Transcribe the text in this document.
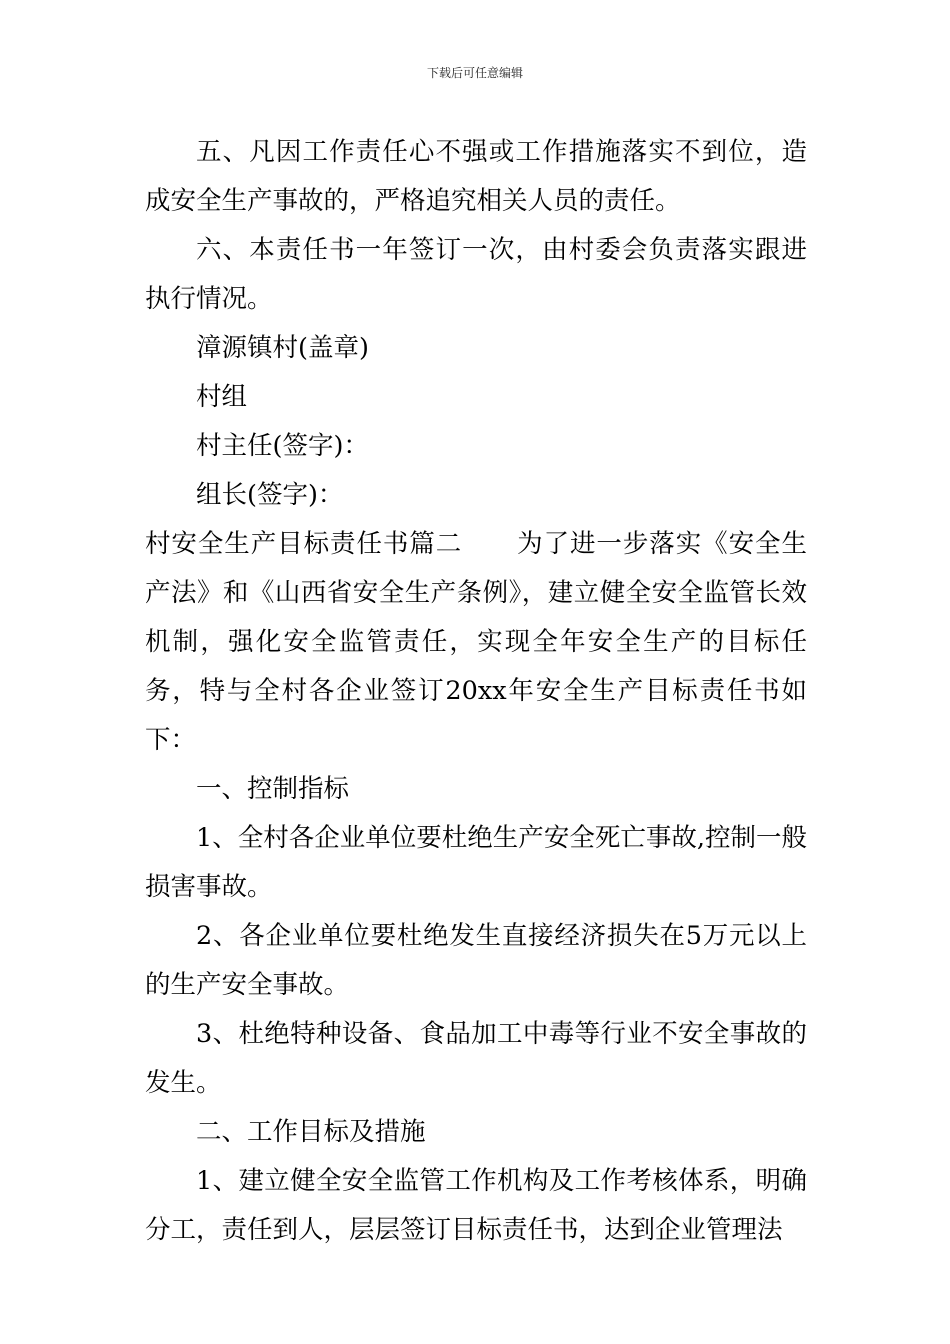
下载后可任意编辑

五、凡因工作责任心不强或工作措施落实不到位，造成安全生产事故的，严格追究相关人员的责任。

六、本责任书一年签订一次，由村委会负责落实跟进执行情况。

漳源镇村(盖章)

村组

村主任(签字)：

组长(签字)：

村安全生产目标责任书篇二 为了进一步落实《安全生产法》和《山西省安全生产条例》，建立健全安全监管长效机制，强化安全监管责任，实现全年安全生产的目标任务，特与全村各企业签订20xx年安全生产目标责任书如下：

一、控制指标

1、全村各企业单位要杜绝生产安全死亡事故,控制一般损害事故。

2、各企业单位要杜绝发生直接经济损失在5万元以上的生产安全事故。

3、杜绝特种设备、食品加工中毒等行业不安全事故的发生。

二、工作目标及措施

1、建立健全安全监管工作机构及工作考核体系，明确分工，责任到人，层层签订目标责任书，达到企业管理法
